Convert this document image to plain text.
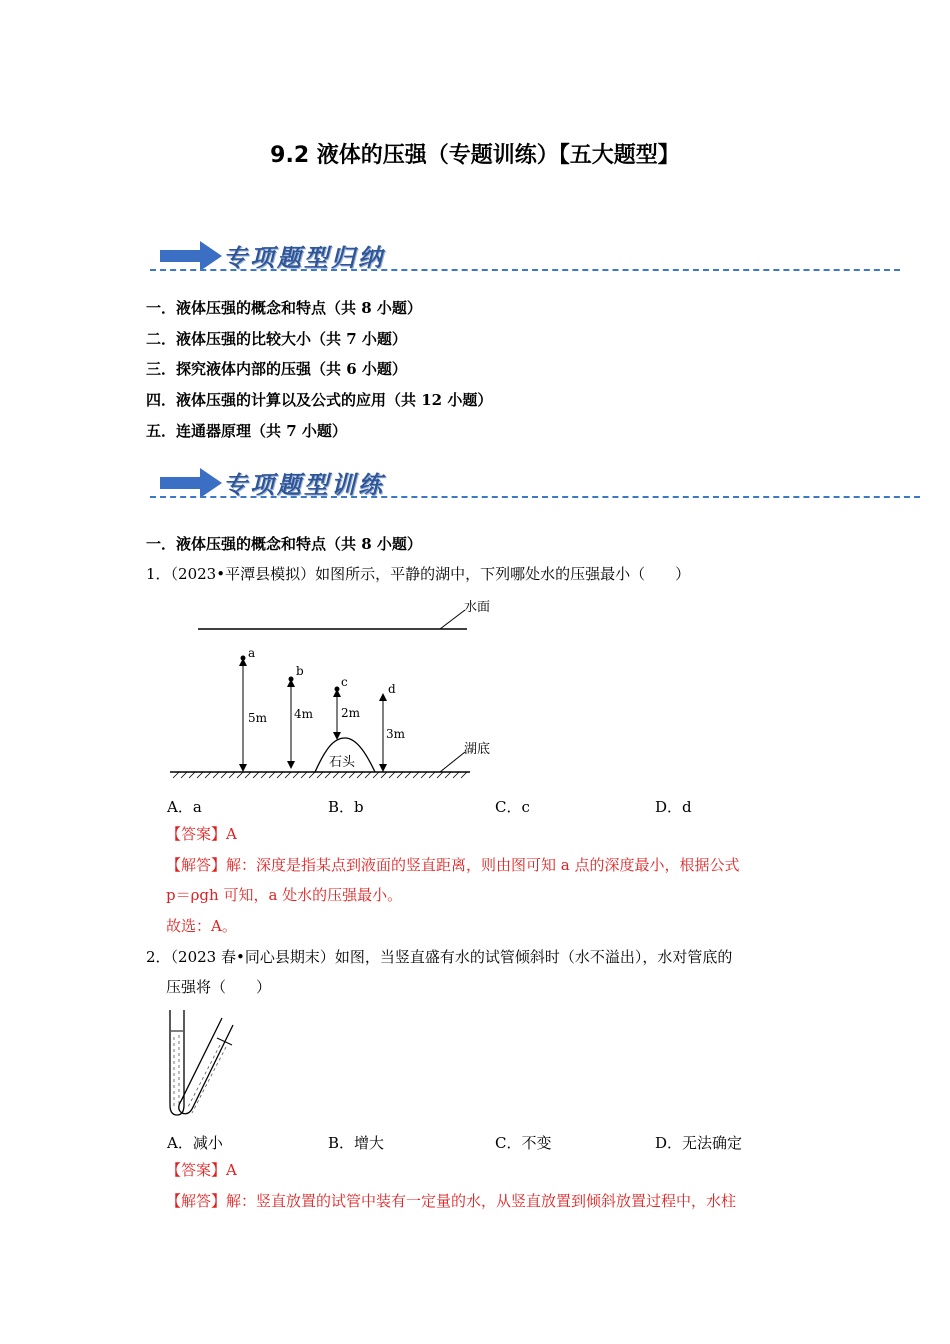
9.2 液体的压强（专题训练）【五大题型】
专项题型归纳
一．液体压强的概念和特点（共 8 小题）
二．液体压强的比较大小（共 7 小题）
三．探究液体内部的压强（共 6 小题）
四．液体压强的计算以及公式的应用（共 12 小题）
五．连通器原理（共 7 小题）
专项题型训练
一．液体压强的概念和特点（共 8 小题）
1．（2023•平潭县模拟）如图所示，平静的湖中，下列哪处水的压强最小（　　）
水面
湖底
石头
a
5m
b
4m
c
2m
d
3m
A．a	B．b	C．c	D．d
【答案】A
【解答】解：深度是指某点到液面的竖直距离，则由图可知 a 点的深度最小，根据公式
p＝ρgh 可知，a 处水的压强最小。
故选：A。
2．（2023 春•同心县期末）如图，当竖直盛有水的试管倾斜时（水不溢出），水对管底的
压强将（　　）
A．减小	B．增大	C．不变	D．无法确定
【答案】A
【解答】解：竖直放置的试管中装有一定量的水，从竖直放置到倾斜放置过程中，水柱
